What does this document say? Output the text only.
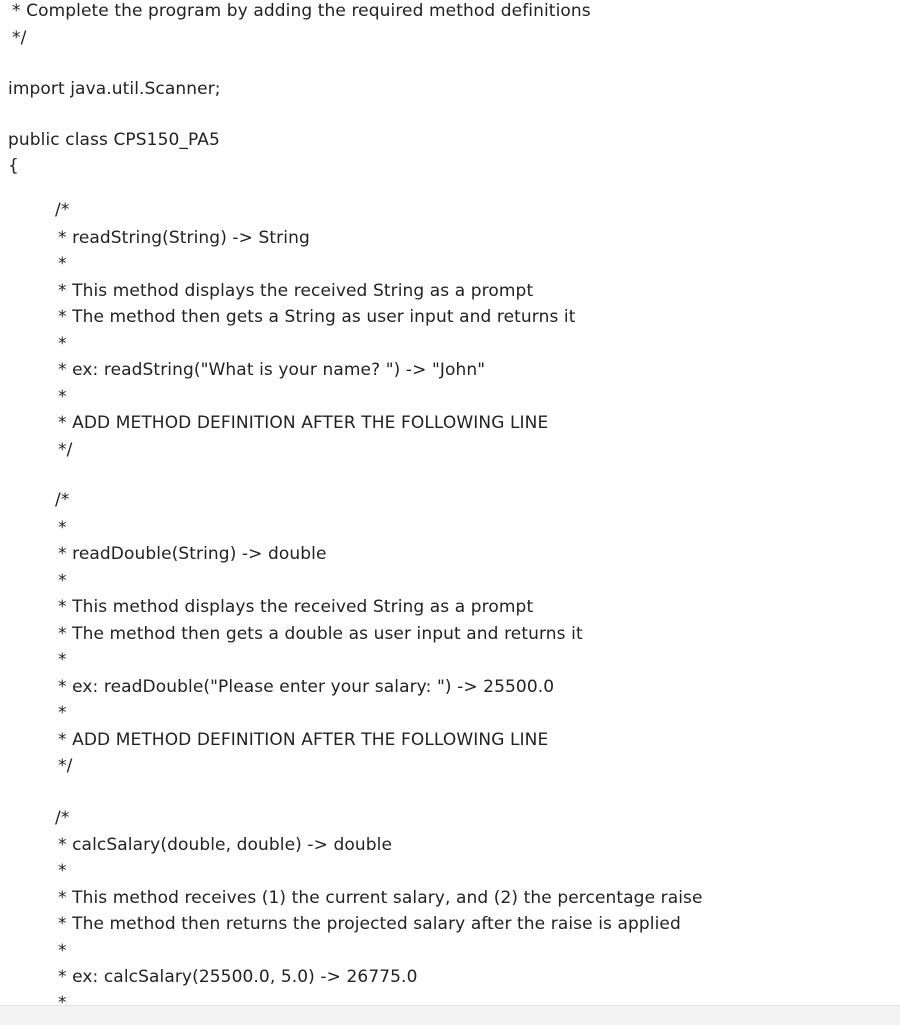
* Complete the program by adding the required method definitions
*/
import java.util.Scanner;
public class CPS150_PA5
{
/*
* readString(String) -> String
*
* This method displays the received String as a prompt
* The method then gets a String as user input and returns it
*
* ex: readString("What is your name? ") -> "John"
*
* ADD METHOD DEFINITION AFTER THE FOLLOWING LINE
*/
/*
*
* readDouble(String) -> double
*
* This method displays the received String as a prompt
* The method then gets a double as user input and returns it
*
* ex: readDouble("Please enter your salary: ") -> 25500.0
*
* ADD METHOD DEFINITION AFTER THE FOLLOWING LINE
*/
/*
* calcSalary(double, double) -> double
*
* This method receives (1) the current salary, and (2) the percentage raise
* The method then returns the projected salary after the raise is applied
*
* ex: calcSalary(25500.0, 5.0) -> 26775.0
*
